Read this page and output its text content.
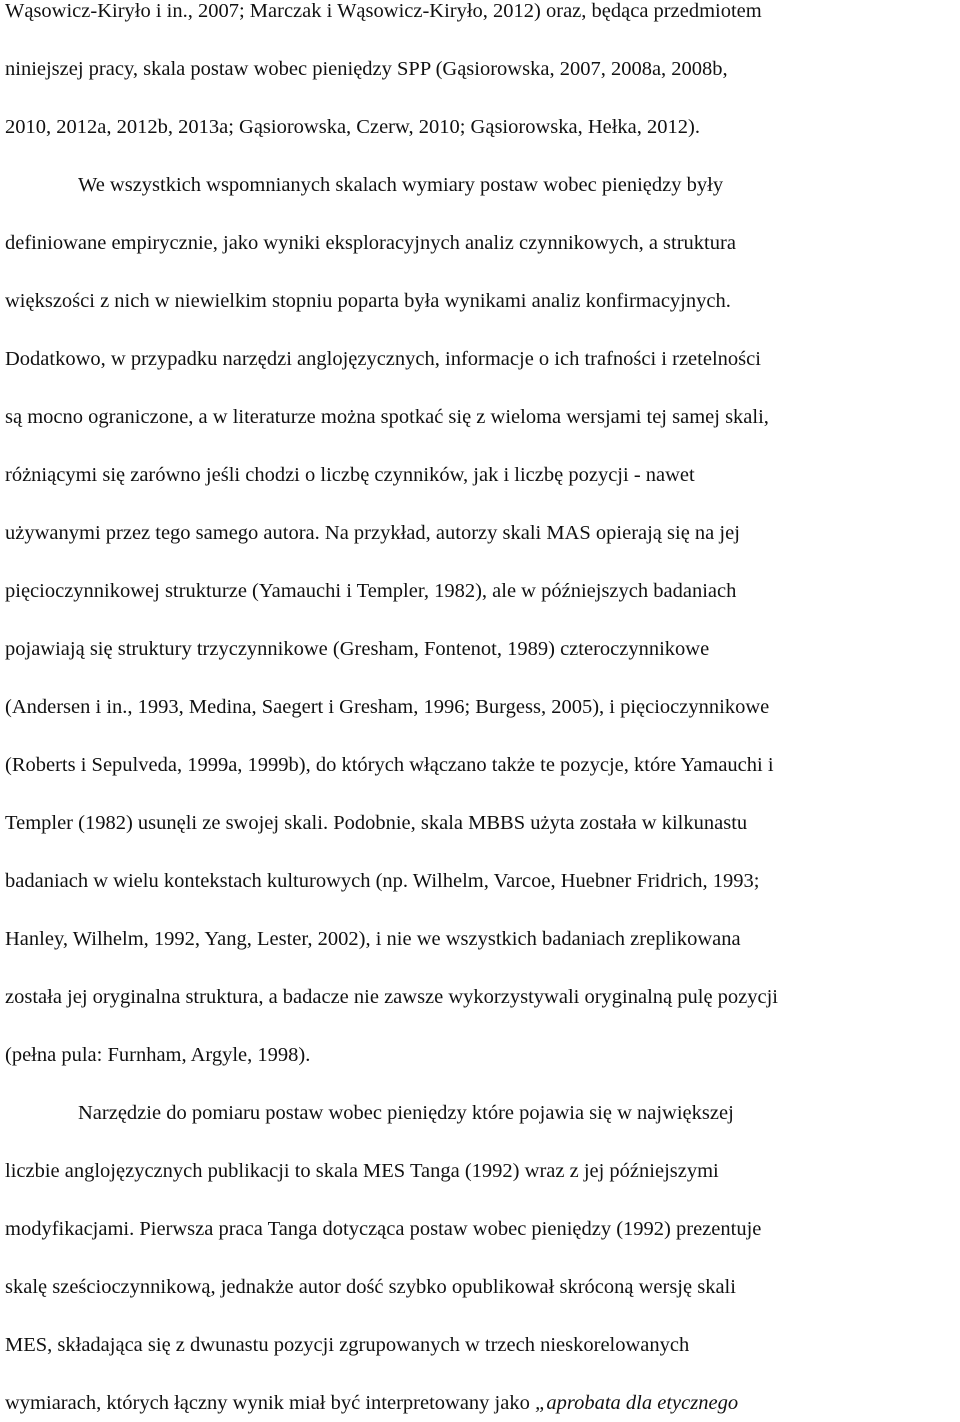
Wąsowicz-Kiryło i in., 2007; Marczak i Wąsowicz-Kiryło, 2012) oraz, będąca przedmiotem
niniejszej pracy, skala postaw wobec pieniędzy SPP (Gąsiorowska, 2007, 2008a, 2008b,
2010, 2012a, 2012b, 2013a; Gąsiorowska, Czerw, 2010; Gąsiorowska, Hełka, 2012).
We wszystkich wspomnianych skalach wymiary postaw wobec pieniędzy były
definiowane empirycznie, jako wyniki eksploracyjnych analiz czynnikowych, a struktura
większości z nich w niewielkim stopniu poparta była wynikami analiz konfirmacyjnych.
Dodatkowo, w przypadku narzędzi anglojęzycznych, informacje o ich trafności i rzetelności
są mocno ograniczone, a w literaturze można spotkać się z wieloma wersjami tej samej skali,
różniącymi się zarówno jeśli chodzi o liczbę czynników, jak i liczbę pozycji - nawet
używanymi przez tego samego autora. Na przykład, autorzy skali MAS opierają się na jej
pięcioczynnikowej strukturze (Yamauchi i Templer, 1982), ale w późniejszych badaniach
pojawiają się struktury trzyczynnikowe (Gresham, Fontenot, 1989) czteroczynnikowe
(Andersen i in., 1993, Medina, Saegert i Gresham, 1996; Burgess, 2005), i pięcioczynnikowe
(Roberts i Sepulveda, 1999a, 1999b), do których włączano także te pozycje, które Yamauchi i
Templer (1982) usunęli ze swojej skali. Podobnie, skala MBBS użyta została w kilkunastu
badaniach w wielu kontekstach kulturowych (np. Wilhelm, Varcoe, Huebner Fridrich, 1993;
Hanley, Wilhelm, 1992, Yang, Lester, 2002), i nie we wszystkich badaniach zreplikowana
została jej oryginalna struktura, a badacze nie zawsze wykorzystywali oryginalną pulę pozycji
(pełna pula: Furnham, Argyle, 1998).
Narzędzie do pomiaru postaw wobec pieniędzy które pojawia się w największej
liczbie anglojęzycznych publikacji to skala MES Tanga (1992) wraz z jej późniejszymi
modyfikacjami. Pierwsza praca Tanga dotycząca postaw wobec pieniędzy (1992) prezentuje
skalę sześcioczynnikową, jednakże autor dość szybko opublikował skróconą wersję skali
MES, składająca się z dwunastu pozycji zgrupowanych w trzech nieskorelowanych
wymiarach, których łączny wynik miał być interpretowany jako „aprobata dla etycznego
